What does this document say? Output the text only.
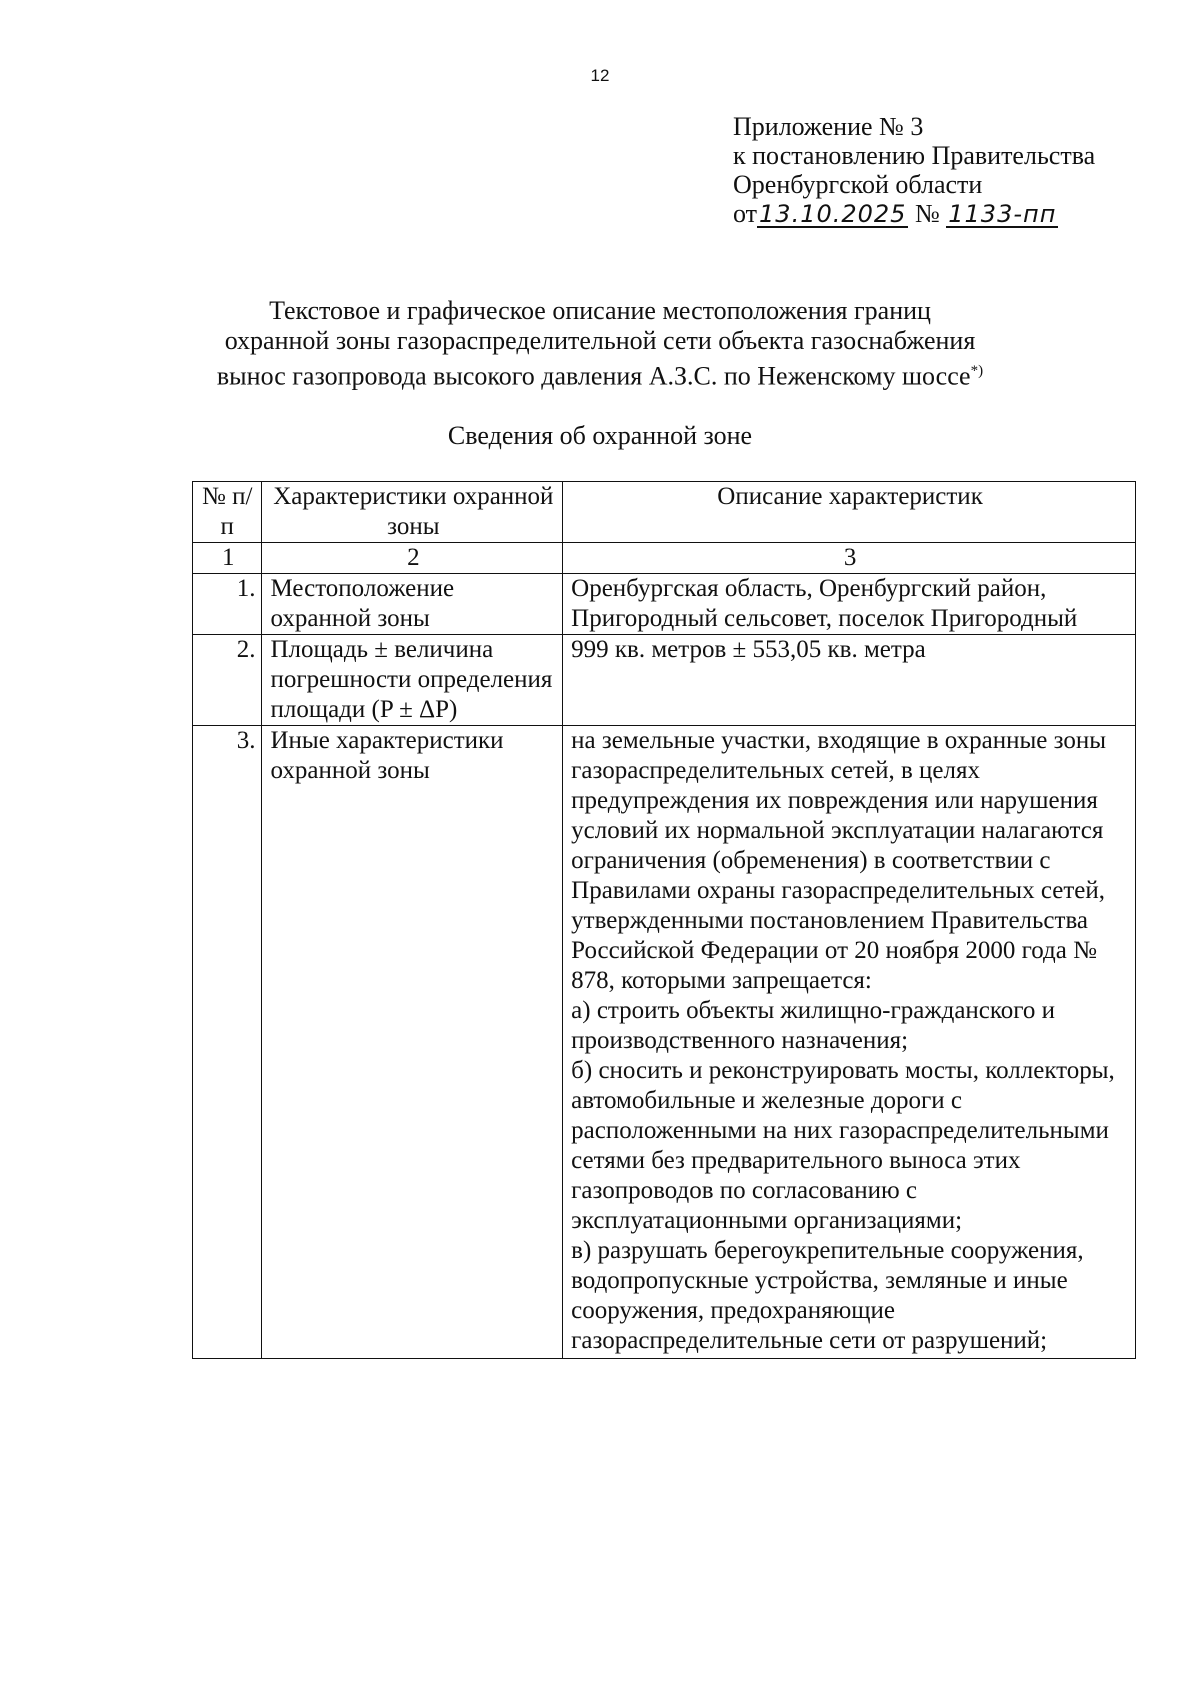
12
Приложение № 3
к постановлению Правительства
Оренбургской области
от13.10.2025 № 1133-пп
Текстовое и графическое описание местоположения границ
охранной зоны газораспределительной сети объекта газоснабжения
вынос газопровода высокого давления А.З.С. по Неженскому шоссе*)
Сведения об охранной зоне
№ п/п	Характеристики охранной зоны	Описание характеристик
1	2	3
1.	Местоположение охранной зоны	Оренбургская область, Оренбургский район, Пригородный сельсовет, поселок Пригородный
2.	Площадь ± величина погрешности определения площади (P ± ΔP)	999 кв. метров ± 553,05 кв. метра
3.	Иные характеристики охранной зоны	на земельные участки, входящие в охранные зоны газораспределительных сетей, в целях предупреждения их повреждения или нарушения условий их нормальной эксплуатации налагаются ограничения (обременения) в соответствии с Правилами охраны газораспределительных сетей, утвержденными постановлением Правительства Российской Федерации от 20 ноября 2000 года № 878, которыми запрещается:
а) строить объекты жилищно-гражданского и производственного назначения;
б) сносить и реконструировать мосты, коллекторы, автомобильные и железные дороги с расположенными на них газораспределительными сетями без предварительного выноса этих газопроводов по согласованию с эксплуатационными организациями;
в) разрушать берегоукрепительные сооружения, водопропускные устройства, земляные и иные сооружения, предохраняющие газораспределительные сети от разрушений;
